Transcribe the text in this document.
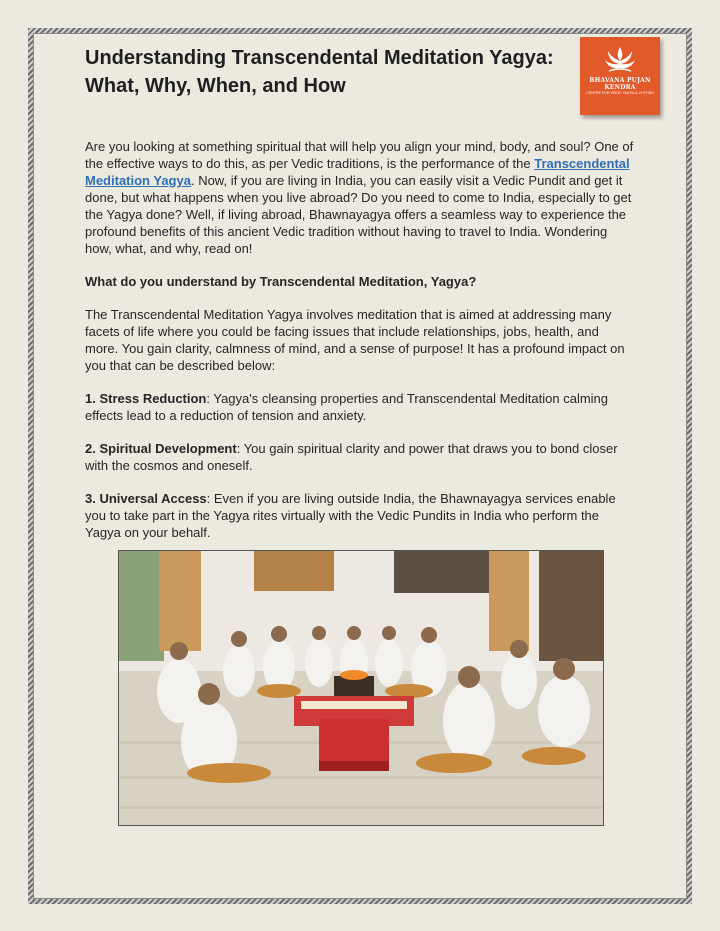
Understanding Transcendental Meditation Yagya:
What, Why, When, and How	BHAVANA PUJAN KENDRA
CENTRE FOR VEDIC YAGYA & JYOTISH

Are you looking at something spiritual that will help you align your mind, body, and soul? One of the effective ways to do this, as per Vedic traditions, is the performance of the Transcendental Meditation Yagya. Now, if you are living in India, you can easily visit a Vedic Pundit and get it done, but what happens when you live abroad? Do you need to come to India, especially to get the Yagya done? Well, if living abroad, Bhawnayagya offers a seamless way to experience the profound benefits of this ancient Vedic tradition without having to travel to India. Wondering how, what, and why, read on!

What do you understand by Transcendental Meditation, Yagya?

The Transcendental Meditation Yagya involves meditation that is aimed at addressing many facets of life where you could be facing issues that include relationships, jobs, health, and more. You gain clarity, calmness of mind, and a sense of purpose! It has a profound impact on you that can be described below:

1. Stress Reduction: Yagya's cleansing properties and Transcendental Meditation calming effects lead to a reduction of tension and anxiety.

2. Spiritual Development: You gain spiritual clarity and power that draws you to bond closer with the cosmos and oneself.

3. Universal Access: Even if you are living outside India, the Bhawnayagya services enable you to take part in the Yagya rites virtually with the Vedic Pundits in India who perform the Yagya on your behalf.
